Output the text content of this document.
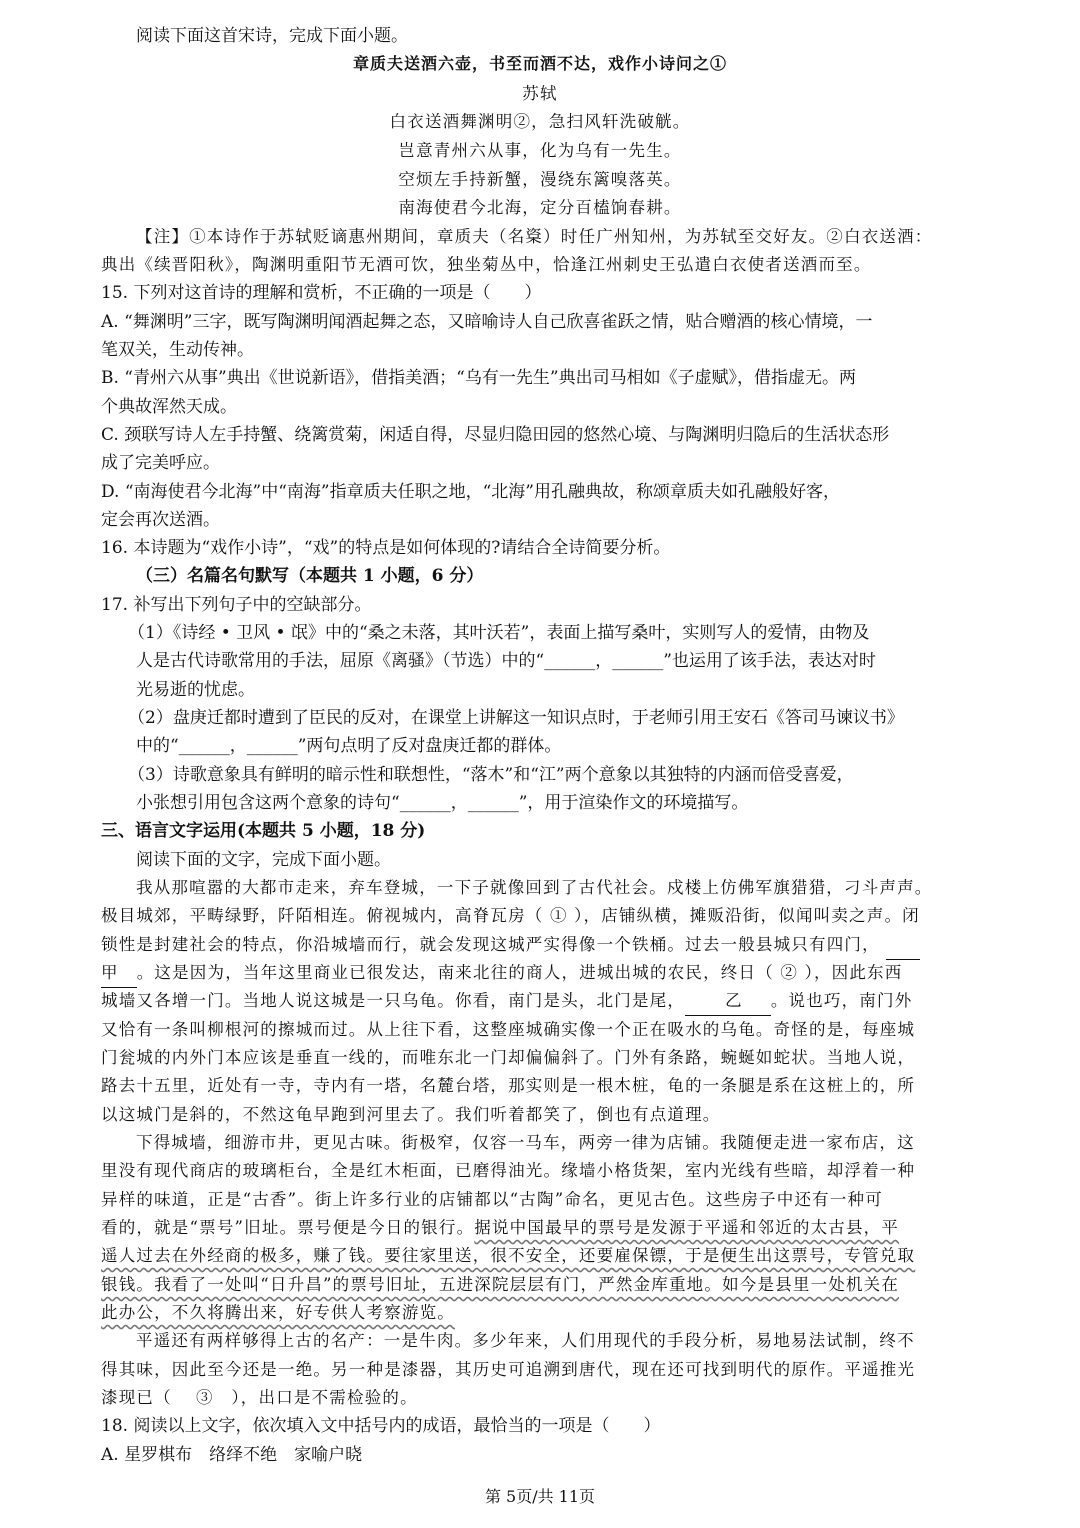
阅读下面这首宋诗，完成下面小题。
章质夫送酒六壶，书至而酒不达，戏作小诗问之①
苏轼
白衣送酒舞渊明②，急扫风轩洗破觥。
岂意青州六从事，化为乌有一先生。
空烦左手持新蟹，漫绕东篱嗅落英。
南海使君今北海，定分百榼饷春耕。
【注】①本诗作于苏轼贬谪惠州期间，章质夫（名楶）时任广州知州，为苏轼至交好友。②白衣送酒：
典出《续晋阳秋》，陶渊明重阳节无酒可饮，独坐菊丛中，恰逢江州刺史王弘遣白衣使者送酒而至。
15. 下列对这首诗的理解和赏析，不正确的一项是（　　）
A. “舞渊明”三字，既写陶渊明闻酒起舞之态，又暗喻诗人自己欣喜雀跃之情，贴合赠酒的核心情境，一
笔双关，生动传神。
B. “青州六从事”典出《世说新语》，借指美酒；“乌有一先生”典出司马相如《子虚赋》，借指虚无。两
个典故浑然天成。
C. 颈联写诗人左手持蟹、绕篱赏菊，闲适自得，尽显归隐田园的悠然心境、与陶渊明归隐后的生活状态形
成了完美呼应。
D. “南海使君今北海”中“南海”指章质夫任职之地，“北海”用孔融典故，称颂章质夫如孔融般好客，
定会再次送酒。
16. 本诗题为“戏作小诗”，“戏”的特点是如何体现的?请结合全诗简要分析。
（三）名篇名句默写（本题共 1 小题，6 分）
17. 补写出下列句子中的空缺部分。
（1）《诗经 • 卫风 • 氓》中的“桑之未落，其叶沃若”，表面上描写桑叶，实则写人的爱情，由物及
人是古代诗歌常用的手法，屈原《离骚》（节选）中的“______，______”也运用了该手法，表达对时
光易逝的忧虑。
（2）盘庚迁都时遭到了臣民的反对，在课堂上讲解这一知识点时，于老师引用王安石《答司马谏议书》
中的“______，______”两句点明了反对盘庚迁都的群体。
（3）诗歌意象具有鲜明的暗示性和联想性，“落木”和“江”两个意象以其独特的内涵而倍受喜爱，
小张想引用包含这两个意象的诗句“______，______”，用于渲染作文的环境描写。
三、语言文字运用(本题共 5 小题，18 分)
阅读下面的文字，完成下面小题。
我从那喧嚣的大都市走来，弃车登城，一下子就像回到了古代社会。戍楼上仿佛军旗猎猎，刁斗声声。
极目城郊，平畴绿野，阡陌相连。俯视城内，高脊瓦房（ ① ），店铺纵横，摊贩沿街，似闻叫卖之声。闭
锁性是封建社会的特点，你沿城墙而行，就会发现这城严实得像一个铁桶。过去一般县城只有四门，
甲 。这是因为，当年这里商业已很发达，南来北往的商人，进城出城的农民，终日（ ② ），因此东西
城墙又各增一门。当地人说这城是一只乌龟。你看，南门是头，北门是尾， 乙 。说也巧，南门外
又恰有一条叫柳根河的擦城而过。从上往下看，这整座城确实像一个正在吸水的乌龟。奇怪的是，每座城
门瓮城的内外门本应该是垂直一线的，而唯东北一门却偏偏斜了。门外有条路，蜿蜒如蛇状。当地人说，
路去十五里，近处有一寺，寺内有一塔，名麓台塔，那实则是一根木桩，龟的一条腿是系在这桩上的，所
以这城门是斜的，不然这龟早跑到河里去了。我们听着都笑了，倒也有点道理。
下得城墙，细游市井，更见古味。街极窄，仅容一马车，两旁一律为店铺。我随便走进一家布店，这
里没有现代商店的玻璃柜台，全是红木柜面，已磨得油光。缘墙小格货架，室内光线有些暗，却浮着一种
异样的味道，正是“古香”。街上许多行业的店铺都以“古陶”命名，更见古色。这些房子中还有一种可
看的，就是“票号”旧址。票号便是今日的银行。据说中国最早的票号是发源于平遥和邻近的太古县，平
遥人过去在外经商的极多，赚了钱。要往家里送，很不安全，还要雇保镖，于是便生出这票号，专管兑取
银钱。我看了一处叫“日升昌”的票号旧址，五进深院层层有门，严然金库重地。如今是县里一处机关在
此办公，不久将腾出来，好专供人考察游览。
平遥还有两样够得上古的名产：一是牛肉。多少年来，人们用现代的手段分析，易地易法试制，终不
得其味，因此至今还是一绝。另一种是漆器，其历史可追溯到唐代，现在还可找到明代的原作。平遥推光
漆现已（　 ③　），出口是不需检验的。
18. 阅读以上文字，依次填入文中括号内的成语，最恰当的一项是（　　）
A. 星罗棋布　络绎不绝　家喻户晓
第 5页/共 11页
